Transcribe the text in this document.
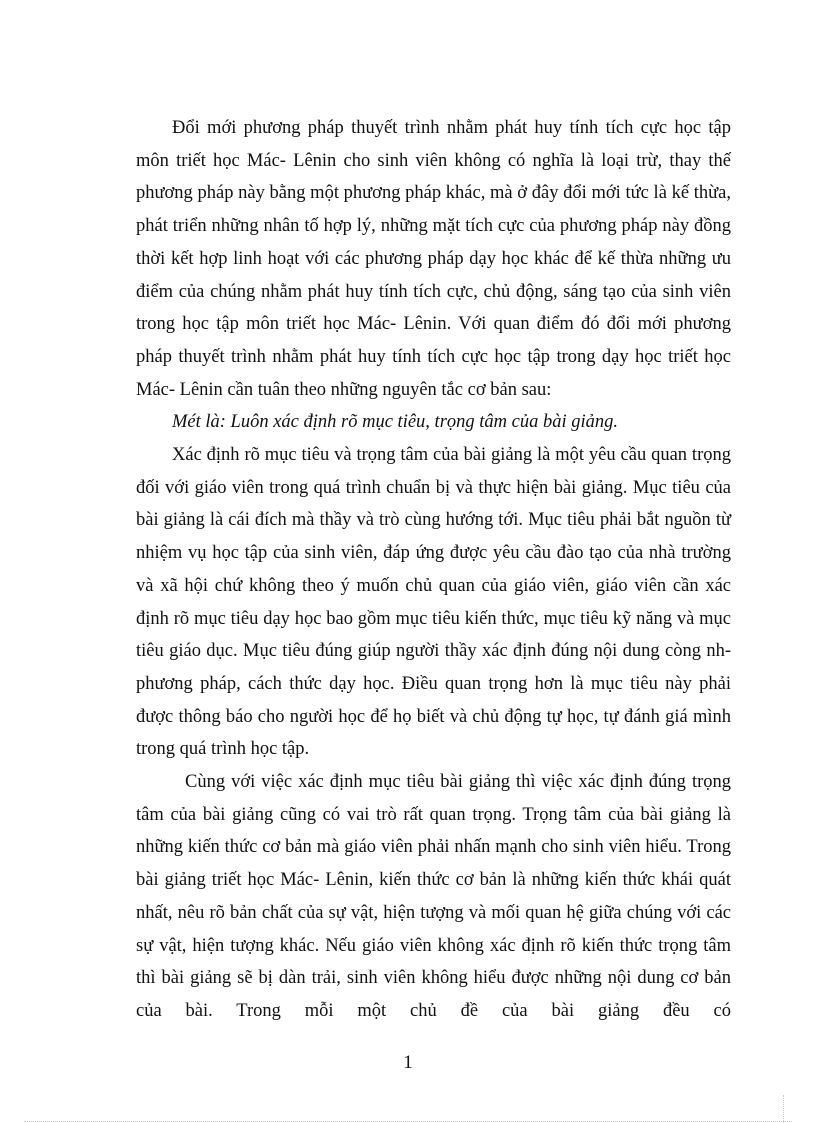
Đổi mới phương pháp thuyết trình nhằm phát huy tính tích cực học tập môn triết học Mác- Lênin cho sinh viên không có nghĩa là loại trừ, thay thế phương pháp này bằng một phương pháp khác, mà ở đây đổi mới tức là kế thừa, phát triển những nhân tố hợp lý, những mặt tích cực của phương pháp này đồng thời kết hợp linh hoạt với các phương pháp dạy học khác để kế thừa những ưu điểm của chúng nhằm phát huy tính tích cực, chủ động, sáng tạo của sinh viên trong học tập môn triết học Mác- Lênin. Với quan điểm đó đổi mới phương pháp thuyết trình nhằm phát huy tính tích cực học tập trong dạy học triết học Mác- Lênin cần tuân theo những nguyên tắc cơ bản sau:

Mét là: Luôn xác định rõ mục tiêu, trọng tâm của bài giảng.

Xác định rõ mục tiêu và trọng tâm của bài giảng là một yêu cầu quan trọng đối với giáo viên trong quá trình chuẩn bị và thực hiện bài giảng. Mục tiêu của bài giảng là cái đích mà thầy và trò cùng hướng tới. Mục tiêu phải bắt nguồn từ nhiệm vụ học tập của sinh viên, đáp ứng được yêu cầu đào tạo của nhà trường và xã hội chứ không theo ý muốn chủ quan của giáo viên, giáo viên cần xác định rõ mục tiêu dạy học bao gồm mục tiêu kiến thức, mục tiêu kỹ năng và mục tiêu giáo dục. Mục tiêu đúng giúp người thầy xác định đúng nội dung còng nh phương pháp, cách thức dạy học. Điều quan trọng hơn là mục tiêu này phải được thông báo cho người học để họ biết và chủ động tự học, tự đánh giá mình trong quá trình học tập.

Cùng với việc xác định mục tiêu bài giảng thì việc xác định đúng trọng tâm của bài giảng cũng có vai trò rất quan trọng. Trọng tâm của bài giảng là những kiến thức cơ bản mà giáo viên phải nhấn mạnh cho sinh viên hiểu. Trong bài giảng triết học Mác- Lênin, kiến thức cơ bản là những kiến thức khái quát nhất, nêu rõ bản chất của sự vật, hiện tượng và mối quan hệ giữa chúng với các sự vật, hiện tượng khác. Nếu giáo viên không xác định rõ kiến thức trọng tâm thì bài giảng sẽ bị dàn trải, sinh viên không hiểu được những nội dung cơ bản của bài. Trong mỗi một chủ đề của bài giảng đều có

1
